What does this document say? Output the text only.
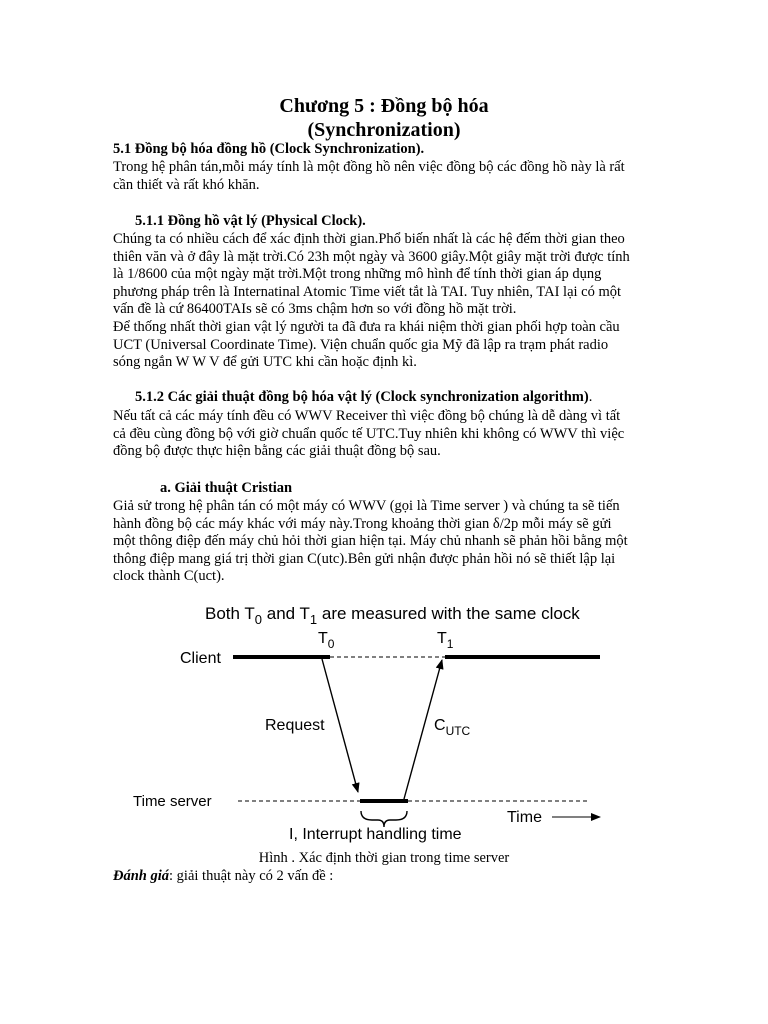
Chương 5 : Đồng bộ hóa
(Synchronization)
5.1 Đồng bộ hóa đồng hồ (Clock Synchronization).
Trong hệ phân tán,mỗi máy tính là một đồng hồ nên việc đồng bộ các đồng hồ này là rất
cần thiết và rất khó khăn.
5.1.1 Đồng hồ vật lý (Physical Clock).
Chúng ta có nhiều cách để xác định thời gian.Phổ biến nhất là các hệ đếm thời gian theo
thiên văn và ở đây là mặt trời.Có 23h một ngày và 3600 giây.Một giây mặt trời được tính
là 1/8600 của một ngày mặt trời.Một trong những mô hình để tính thời gian áp dụng
phương pháp trên là Internatinal Atomic Time viết tắt là TAI. Tuy nhiên, TAI lại có một
vấn đề là cứ 86400TAIs sẽ có 3ms chậm hơn so với đồng hồ mặt trời.
Để thống nhất thời gian vật lý người ta đã đưa ra khái niệm thời gian phối hợp toàn cầu
UCT (Universal Coordinate Time). Viện chuẩn quốc gia Mỹ đã lập ra trạm phát radio
sóng ngắn W W V để gửi UTC khi cần hoặc định kì.
5.1.2 Các giải thuật đồng bộ hóa vật lý (Clock synchronization algorithm).
Nếu tất cả các máy tính đều có WWV Receiver thì việc đồng bộ chúng là dễ dàng vì tất
cả đều cùng đồng bộ với giờ chuẩn quốc tế UTC.Tuy nhiên khi không có WWV thì việc
đồng bộ được thực hiện bằng các giải thuật đồng bộ sau.
a. Giải thuật Cristian
Giả sử trong hệ phân tán có một máy có WWV (gọi là Time server ) và chúng ta sẽ tiến
hành đồng bộ các máy khác với máy này.Trong khoảng thời gian δ/2p mỗi máy sẽ gửi
một thông điệp đến máy chủ hỏi thời gian hiện tại. Máy chủ nhanh sẽ phản hồi bằng một
thông điệp mang giá trị thời gian C(utc).Bên gửi nhận được phản hồi nó sẽ thiết lập lại
clock thành C(uct).
Both $T_0$ and $T_1$ are measured with the same clock
Client
$T_0$	$T_1$
Request	$C_{UTC}$
Time server
I, Interrupt handling time
Time
Hình . Xác định thời gian trong time server
Đánh giá: giải thuật này có 2 vấn đề :
